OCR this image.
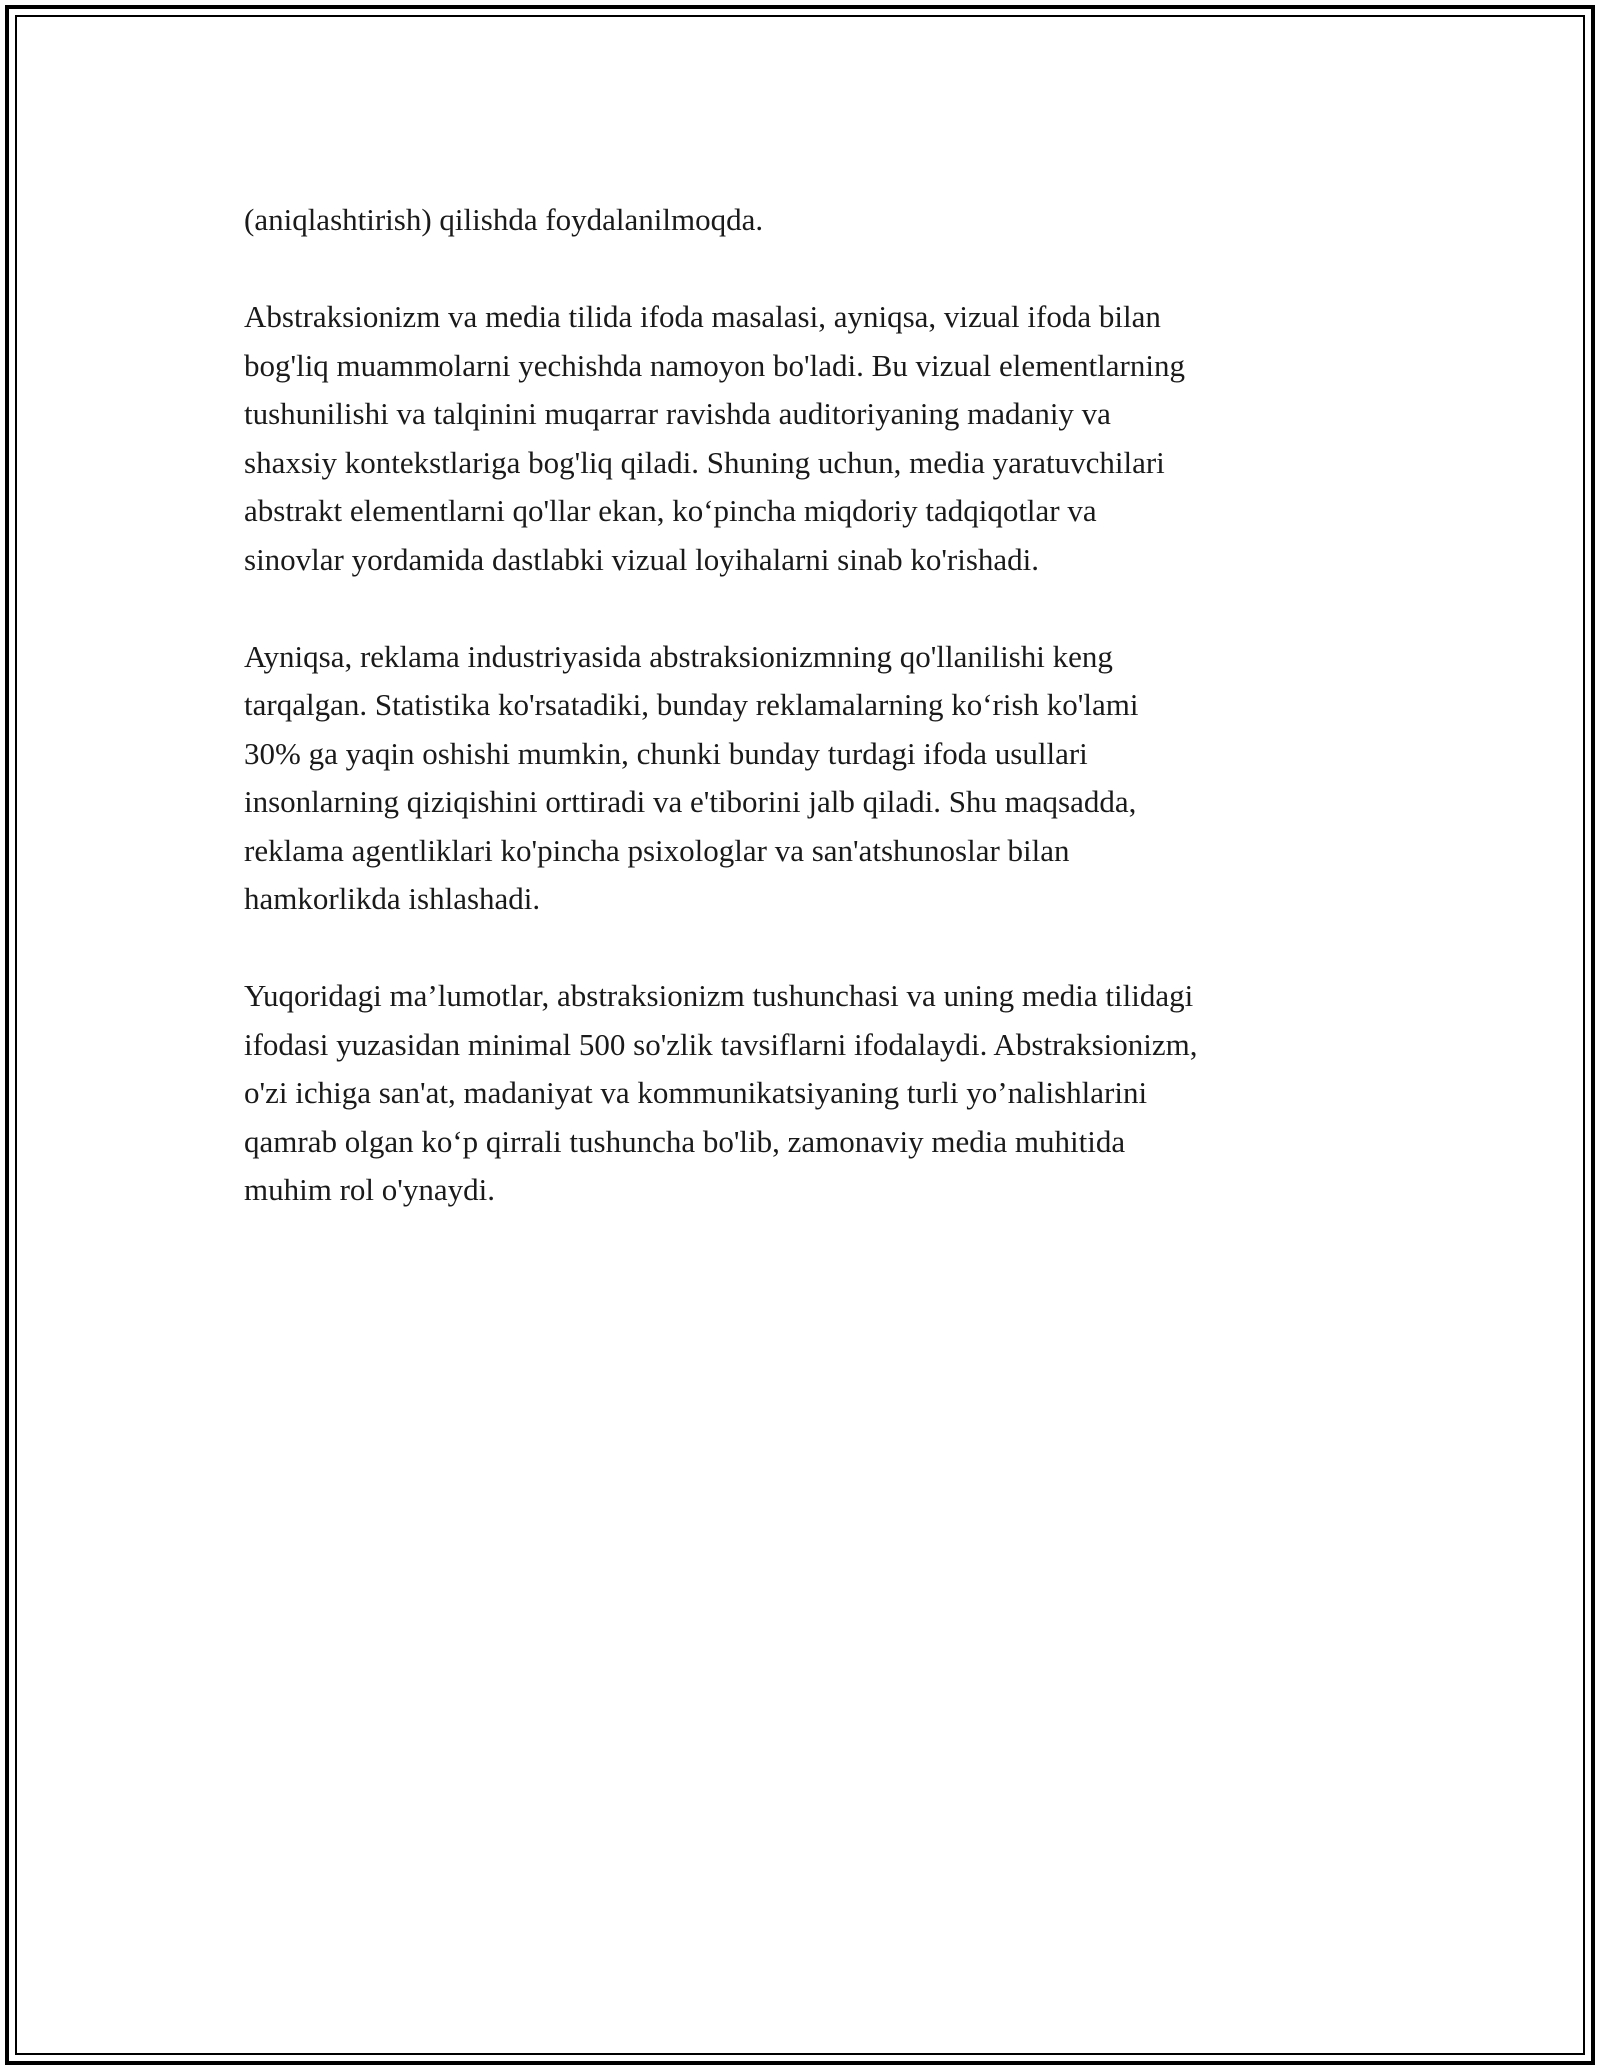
(aniqlashtirish) qilishda foydalanilmoqda.

Abstraksionizm va media tilida ifoda masalasi, ayniqsa, vizual ifoda bilan
bog'liq muammolarni yechishda namoyon bo'ladi. Bu vizual elementlarning
tushunilishi va talqinini muqarrar ravishda auditoriyaning madaniy va
shaxsiy kontekstlariga bog'liq qiladi. Shuning uchun, media yaratuvchilari
abstrakt elementlarni qo'llar ekan, ko‘pincha miqdoriy tadqiqotlar va
sinovlar yordamida dastlabki vizual loyihalarni sinab ko'rishadi.

Ayniqsa, reklama industriyasida abstraksionizmning qo'llanilishi keng
tarqalgan. Statistika ko'rsatadiki, bunday reklamalarning ko‘rish ko'lami
30% ga yaqin oshishi mumkin, chunki bunday turdagi ifoda usullari
insonlarning qiziqishini orttiradi va e'tiborini jalb qiladi. Shu maqsadda,
reklama agentliklari ko'pincha psixologlar va san'atshunoslar bilan
hamkorlikda ishlashadi.

Yuqoridagi ma’lumotlar, abstraksionizm tushunchasi va uning media tilidagi
ifodasi yuzasidan minimal 500 so'zlik tavsiflarni ifodalaydi. Abstraksionizm,
o'zi ichiga san'at, madaniyat va kommunikatsiyaning turli yo’nalishlarini
qamrab olgan ko‘p qirrali tushuncha bo'lib, zamonaviy media muhitida
muhim rol o'ynaydi.
